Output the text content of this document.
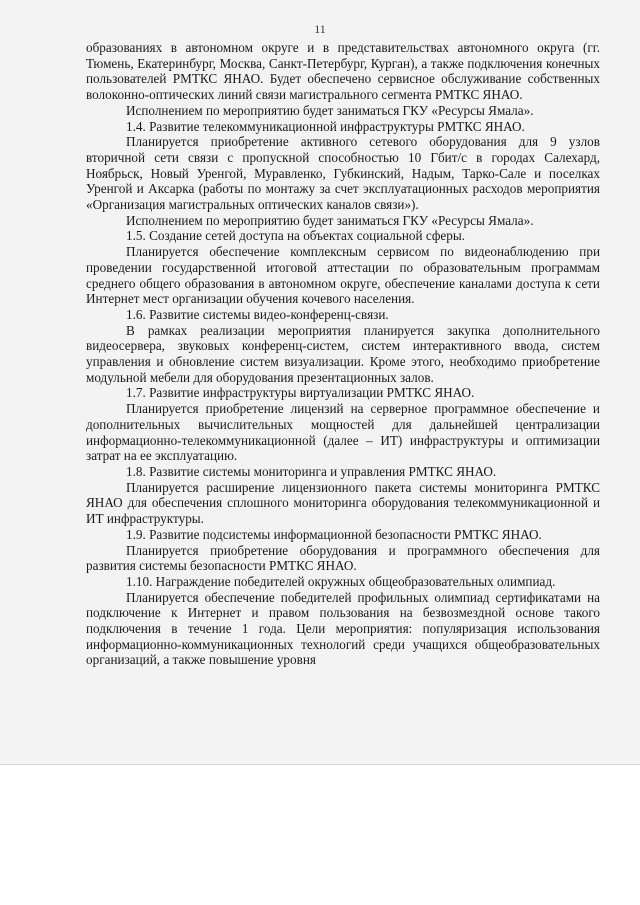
11

образованиях в автономном округе и в представительствах автономного округа (гг. Тюмень, Екатеринбург, Москва, Санкт-Петербург, Курган), а также подключения конечных пользователей РМТКС ЯНАО. Будет обеспечено сервисное обслуживание собственных волоконно-оптических линий связи магистрального сегмента РМТКС ЯНАО.

Исполнением по мероприятию будет заниматься ГКУ «Ресурсы Ямала».

1.4. Развитие телекоммуникационной инфраструктуры РМТКС ЯНАО.

Планируется приобретение активного сетевого оборудования для 9 узлов вторичной сети связи с пропускной способностью 10 Гбит/с в городах Салехард, Ноябрьск, Новый Уренгой, Муравленко, Губкинский, Надым, Тарко-Сале и поселках Уренгой и Аксарка (работы по монтажу за счет эксплуатационных расходов мероприятия «Организация магистральных оптических каналов связи»).

Исполнением по мероприятию будет заниматься ГКУ «Ресурсы Ямала».

1.5. Создание сетей доступа на объектах социальной сферы.

Планируется обеспечение комплексным сервисом по видеонаблюдению при проведении государственной итоговой аттестации по образовательным программам среднего общего образования в автономном округе, обеспечение каналами доступа к сети Интернет мест организации обучения кочевого населения.

1.6. Развитие системы видео-конференц-связи.

В рамках реализации мероприятия планируется закупка дополнительного видеосервера, звуковых конференц-систем, систем интерактивного ввода, систем управления и обновление систем визуализации. Кроме этого, необходимо приобретение модульной мебели для оборудования презентационных залов.

1.7. Развитие инфраструктуры виртуализации РМТКС ЯНАО.

Планируется приобретение лицензий на серверное программное обеспечение и дополнительных вычислительных мощностей для дальнейшей централизации информационно-телекоммуникационной (далее – ИТ) инфраструктуры и оптимизации затрат на ее эксплуатацию.

1.8. Развитие системы мониторинга и управления РМТКС ЯНАО.

Планируется расширение лицензионного пакета системы мониторинга РМТКС ЯНАО для обеспечения сплошного мониторинга оборудования телекоммуникационной и ИТ инфраструктуры.

1.9. Развитие подсистемы информационной безопасности РМТКС ЯНАО.

Планируется приобретение оборудования и программного обеспечения для развития системы безопасности РМТКС ЯНАО.

1.10. Награждение победителей окружных общеобразовательных олимпиад.

Планируется обеспечение победителей профильных олимпиад сертификатами на подключение к Интернет и правом пользования на безвозмездной основе такого подключения в течение 1 года. Цели мероприятия: популяризация использования информационно-коммуникационных технологий среди учащихся общеобразовательных организаций, а также повышение уровня
